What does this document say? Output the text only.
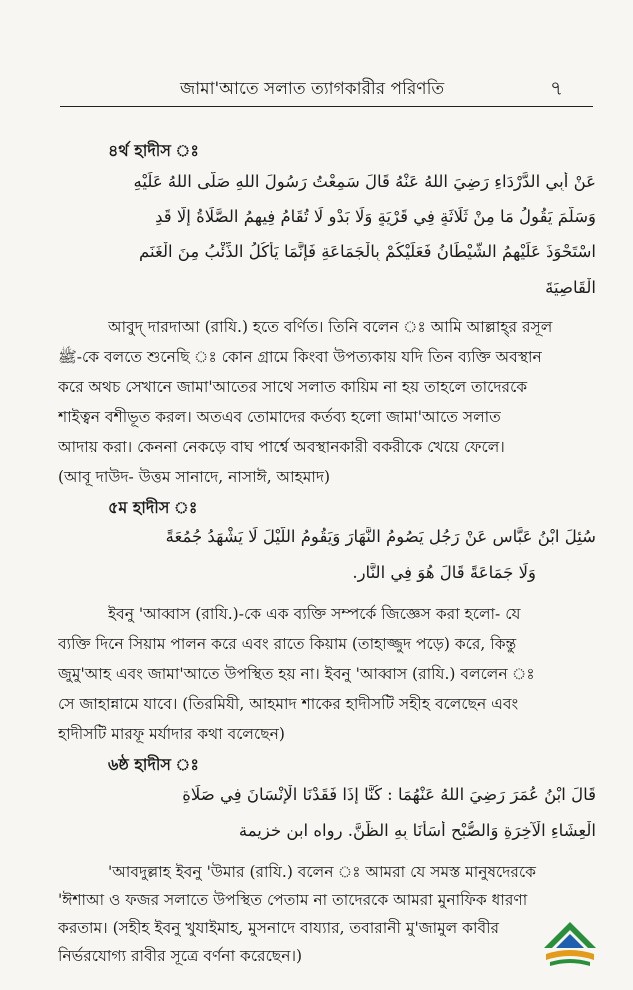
জামা'আতে সলাত ত্যাগকারীর পরিণতি	৭
৪র্থ হাদীস ঃ
عَنْ أَبِي الدَّرْدَاءِ رَضِيَ اللهُ عَنْهُ قَالَ سَمِعْتُ رَسُولَ اللهِ صَلَّى اللهُ عَلَيْهِ
وَسَلَّمَ يَقُولُ مَا مِنْ ثَلَاثَةٍ فِي قَرْيَةٍ وَلَا بَدْوٍ لَا تُقَامُ فِيهِمُ الصَّلَاةُ إِلَّا قَدِ
اسْتَحْوَذَ عَلَيْهِمُ الشَّيْطَانُ فَعَلَيْكُمْ بِالْجَمَاعَةِ فَإِنَّمَا يَأْكُلُ الذِّئْبُ مِنَ الْغَنَمِ
الْقَاصِيَةَ
আবুদ্ দারদাআ (রাযি.) হতে বর্ণিত। তিনি বলেন ঃ আমি আল্লাহ্‌র রসূল
ﷺ-কে বলতে শুনেছি ঃ কোন গ্রামে কিংবা উপত্যকায় যদি তিন ব্যক্তি অবস্থান
করে অথচ সেখানে জামা'আতের সাথে সলাত কায়িম না হয় তাহলে তাদেরকে
শাইত্বন বশীভূত করল। অতএব তোমাদের কর্তব্য হলো জামা'আতে সলাত
আদায় করা। কেননা নেকড়ে বাঘ পার্শ্বে অবস্থানকারী বকরীকে খেয়ে ফেলে।
(আবূ দাউদ- উত্তম সানাদে, নাসাঈ, আহমাদ)
৫ম হাদীস ঃ
سُئِلَ ابْنُ عَبَّاسٍ عَنْ رَجُلٍ يَصُومُ النَّهَارَ وَيَقُومُ اللَّيْلَ لَا يَشْهَدُ جُمُعَةً
وَلَا جَمَاعَةً قَالَ هُوَ فِي النَّارِ.
ইবনু 'আব্বাস (রাযি.)-কে এক ব্যক্তি সম্পর্কে জিজ্ঞেস করা হলো- যে
ব্যক্তি দিনে সিয়াম পালন করে এবং রাতে কিয়াম (তাহাজ্জুদ পড়ে) করে, কিন্তু
জুমু'আহ এবং জামা'আতে উপস্থিত হয় না। ইবনু 'আব্বাস (রাযি.) বললেন ঃ
সে জাহান্নামে যাবে। (তিরমিযী, আহমাদ শাকের হাদীসটি সহীহ বলেছেন এবং
হাদীসটি মারফূ মর্যাদার কথা বলেছেন)
৬ষ্ঠ হাদীস ঃ
قَالَ ابْنُ عُمَرَ رَضِيَ اللهُ عَنْهُمَا : كُنَّا إِذَا فَقَدْنَا الْإِنْسَانَ فِي صَلَاةِ
الْعِشَاءِ الْآخِرَةِ وَالصُّبْحِ أَسَأْنَا بِهِ الظَّنَّ. رواه ابن خزيمة
'আবদুল্লাহ ইবনু 'উমার (রাযি.) বলেন ঃ আমরা যে সমস্ত মানুষদেরকে
'ঈশাআ ও ফজর সলাতে উপস্থিত পেতাম না তাদেরকে আমরা মুনাফিক ধারণা
করতাম। (সহীহ ইবনু খুযাইমাহ, মুসনাদে বায্যার, তবারানী মু'জামুল কাবীর
নির্ভরযোগ্য রাবীর সূত্রে বর্ণনা করেছেন।)
